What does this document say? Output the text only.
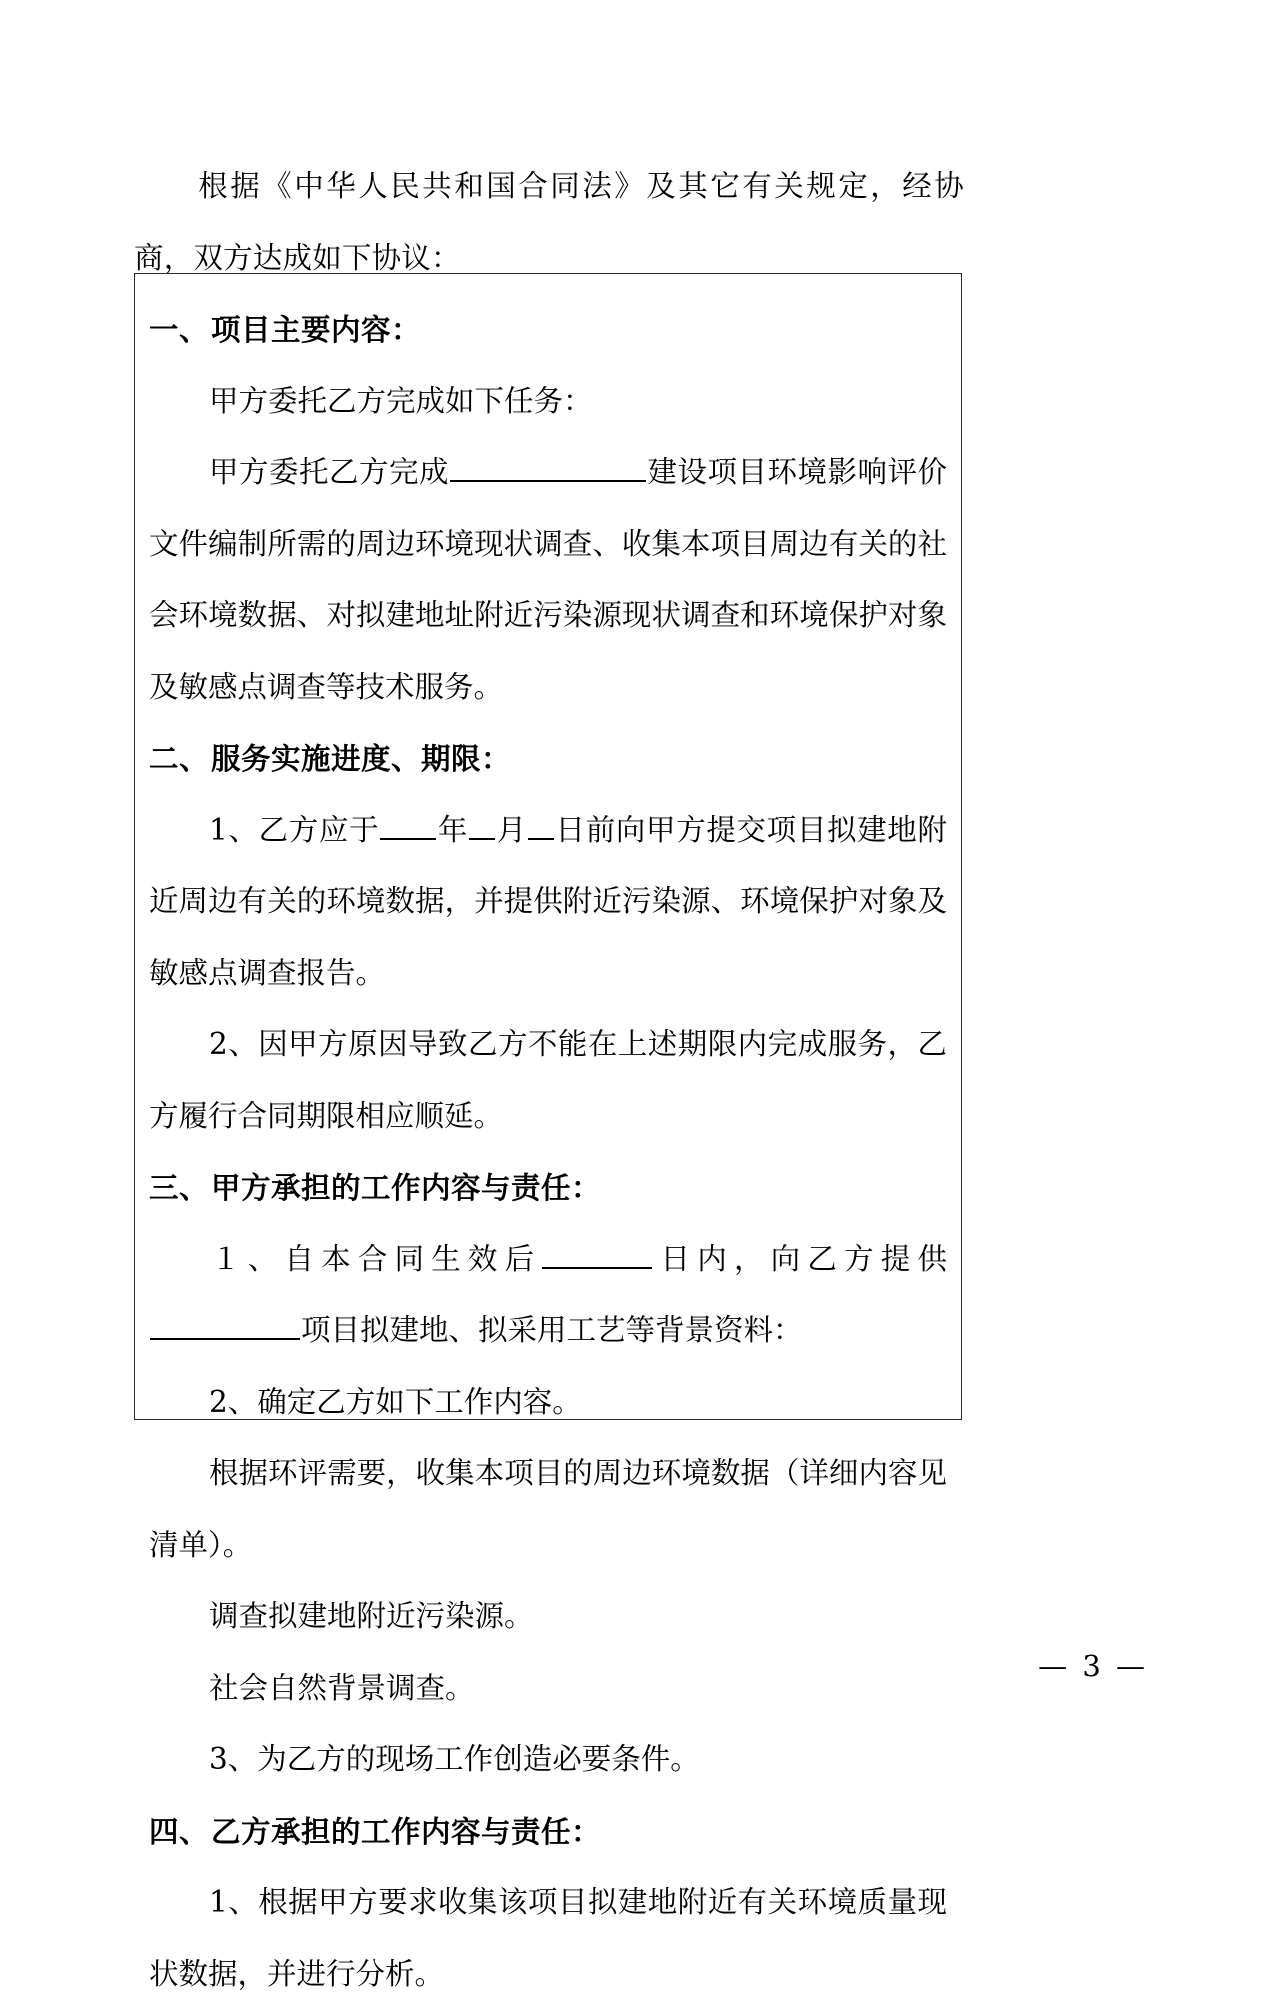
根据《中华人民共和国合同法》及其它有关规定，经协商，双方达成如下协议：

一、项目主要内容：

甲方委托乙方完成如下任务：

甲方委托乙方完成	建设项目环境影响评价文件编制所需的周边环境现状调查、收集本项目周边有关的社会环境数据、对拟建地址附近污染源现状调查和环境保护对象及敏感点调查等技术服务。

二、服务实施进度、期限：

1、乙方应于 年 月 日前向甲方提交项目拟建地附近周边有关的环境数据，并提供附近污染源、环境保护对象及敏感点调查报告。

2、因甲方原因导致乙方不能在上述期限内完成服务，乙方履行合同期限相应顺延。

三、甲方承担的工作内容与责任：

１、自本合同生效后	日内，向乙方提供项目拟建地、拟采用工艺等背景资料：

2、确定乙方如下工作内容。

根据环评需要，收集本项目的周边环境数据（详细内容见清单）。

调查拟建地附近污染源。

社会自然背景调查。

3、为乙方的现场工作创造必要条件。

四、乙方承担的工作内容与责任：

1、根据甲方要求收集该项目拟建地附近有关环境质量现状数据，并进行分析。

— 3 —
